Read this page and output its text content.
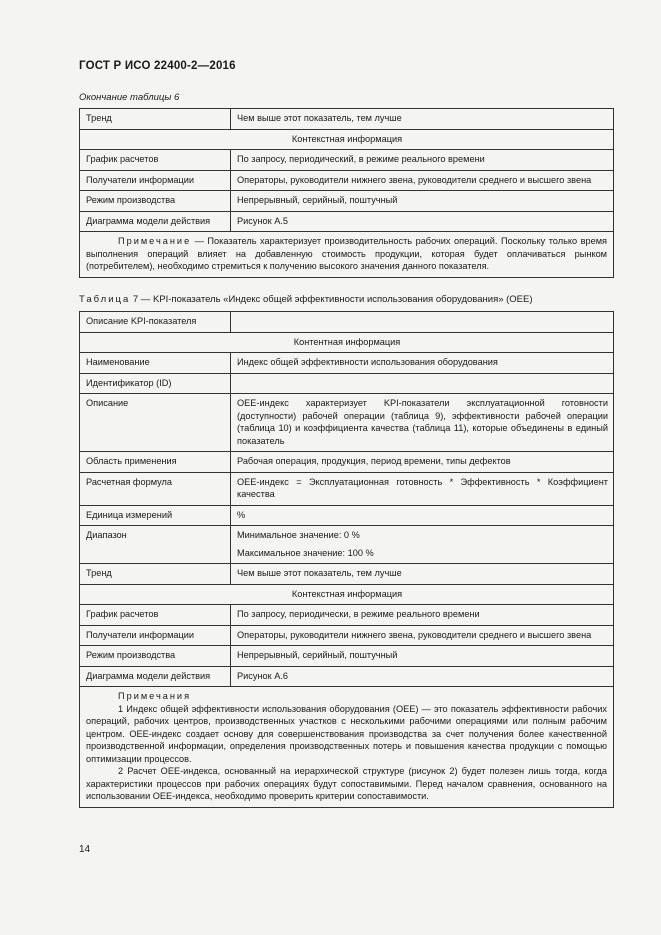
ГОСТ Р ИСО 22400-2—2016
Окончание таблицы 6
Тренд	Чем выше этот показатель, тем лучше
Контекстная информация	
График расчетов	По запросу, периодический, в режиме реального времени
Получатели информации	Операторы, руководители нижнего звена, руководители среднего и высшего звена
Режим производства	Непрерывный, серийный, поштучный
Диаграмма модели действия	Рисунок А.5

Примечание — Показатель характеризует производительность рабочих операций. Поскольку только время выполнения операций влияет на добавленную стоимость продукции, которая будет оплачиваться рынком (потребителем), необходимо стремиться к получению высокого значения данного показателя.	

Таблица 7 — KPI-показатель «Индекс общей эффективности использования оборудования» (OEE)
Описание KPI-показателя	
Контентная информация	
Наименование	Индекс общей эффективности использования оборудования
Идентификатор (ID)	
Описание	OEE-индекс характеризует KPI-показатели эксплуатационной готовности (доступности) рабочей операции (таблица 9), эффективности рабочей операции (таблица 10) и коэффициента качества (таблица 11), которые объединены в единый показатель
Область применения	Рабочая операция, продукция, период времени, типы дефектов
Расчетная формула	OEE-индекс = Эксплуатационная готовность * Эффективность * Коэффициент качества
Единица измерений	%
Диапазон	Минимальное значение: 0 %
Максимальное значение: 100 %

Тренд	Чем выше этот показатель, тем лучше
Контекстная информация	
График расчетов	По запросу, периодически, в режиме реального времени
Получатели информации	Операторы, руководители нижнего звена, руководители среднего и высшего звена
Режим производства	Непрерывный, серийный, поштучный
Диаграмма модели действия	Рисунок А.6

Примечания

1 Индекс общей эффективности использования оборудования (OEE) — это показатель эффективности рабочих операций, рабочих центров, производственных участков с несколькими рабочими операциями или полным рабочим центром. OEE-индекс создает основу для совершенствования производства за счет получения более качественной производственной информации, определения производственных потерь и повышения качества продукции с помощью оптимизации процессов.

2 Расчет OEE-индекса, основанный на иерархической структуре (рисунок 2) будет полезен лишь тогда, когда характеристики процессов при рабочих операциях будут сопоставимыми. Перед началом сравнения, основанного на использовании OEE-индекса, необходимо проверить критерии сопоставимости.	

14
